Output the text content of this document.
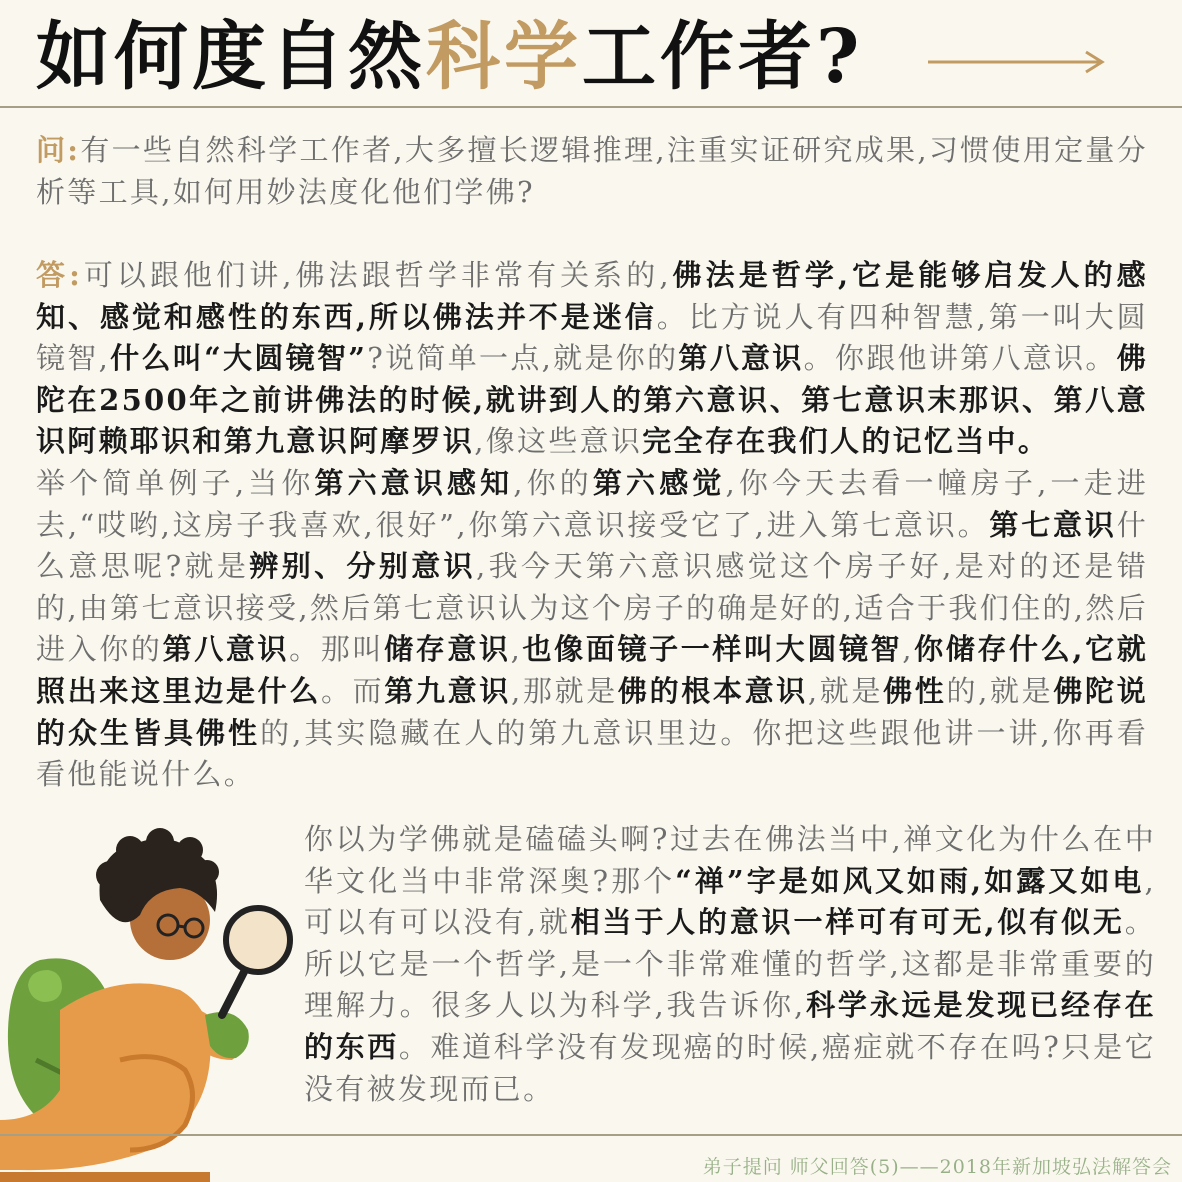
如何度自然科学工作者?
问:有一些自然科学工作者,大多擅长逻辑推理,注重实证研究成果,习惯使用定量分析等工具,如何用妙法度化他们学佛?
答:可以跟他们讲,佛法跟哲学非常有关系的,佛法是哲学,它是能够启发人的感知、感觉和感性的东西,所以佛法并不是迷信。比方说人有四种智慧,第一叫大圆镜智,什么叫“大圆镜智”?说简单一点,就是你的第八意识。你跟他讲第八意识。佛陀在2500年之前讲佛法的时候,就讲到人的第六意识、第七意识末那识、第八意识阿赖耶识和第九意识阿摩罗识,像这些意识完全存在我们人的记忆当中。
举个简单例子,当你第六意识感知,你的第六感觉,你今天去看一幢房子,一走进去,“哎哟,这房子我喜欢,很好”,你第六意识接受它了,进入第七意识。第七意识什么意思呢?就是辨别、分别意识,我今天第六意识感觉这个房子好,是对的还是错的,由第七意识接受,然后第七意识认为这个房子的确是好的,适合于我们住的,然后进入你的第八意识。那叫储存意识,也像面镜子一样叫大圆镜智,你储存什么,它就照出来这里边是什么。而第九意识,那就是佛的根本意识,就是佛性的,就是佛陀说的众生皆具佛性的,其实隐藏在人的第九意识里边。你把这些跟他讲一讲,你再看看他能说什么。
你以为学佛就是磕磕头啊?过去在佛法当中,禅文化为什么在中华文化当中非常深奥?那个“禅”字是如风又如雨,如露又如电,可以有可以没有,就相当于人的意识一样可有可无,似有似无。所以它是一个哲学,是一个非常难懂的哲学,这都是非常重要的理解力。很多人以为科学,我告诉你,科学永远是发现已经存在的东西。难道科学没有发现癌的时候,癌症就不存在吗?只是它没有被发现而已。
弟子提问 师父回答(5)——2018年新加坡弘法解答会
